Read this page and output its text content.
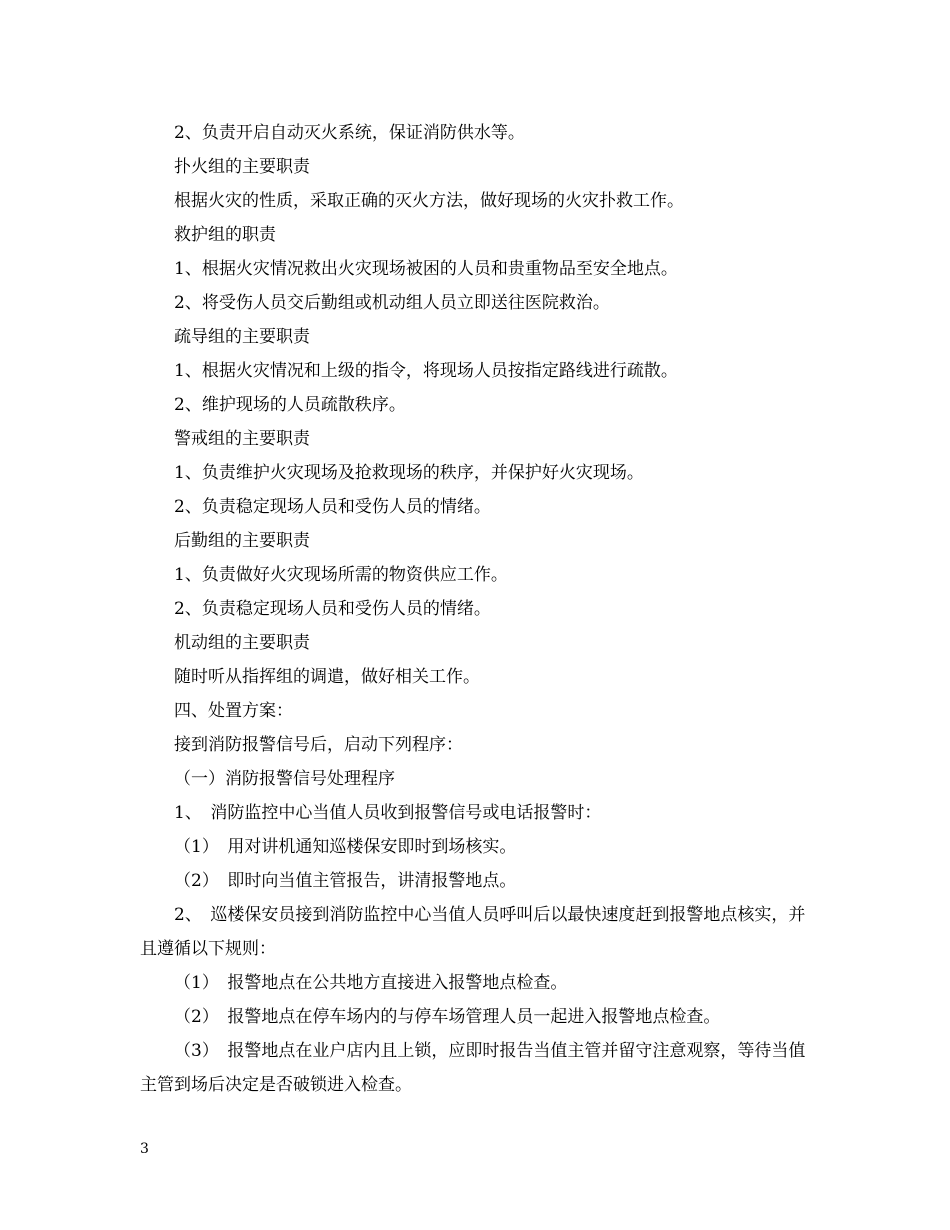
2、负责开启自动灭火系统，保证消防供水等。

扑火组的主要职责

根据火灾的性质，采取正确的灭火方法，做好现场的火灾扑救工作。

救护组的职责

1、根据火灾情况救出火灾现场被困的人员和贵重物品至安全地点。

2、将受伤人员交后勤组或机动组人员立即送往医院救治。

疏导组的主要职责

1、根据火灾情况和上级的指令，将现场人员按指定路线进行疏散。

2、维护现场的人员疏散秩序。

警戒组的主要职责

1、负责维护火灾现场及抢救现场的秩序，并保护好火灾现场。

2、负责稳定现场人员和受伤人员的情绪。

后勤组的主要职责

1、负责做好火灾现场所需的物资供应工作。

2、负责稳定现场人员和受伤人员的情绪。

机动组的主要职责

随时听从指挥组的调遣，做好相关工作。

四、处置方案：

接到消防报警信号后，启动下列程序：

（一）消防报警信号处理程序

1、　消防监控中心当值人员收到报警信号或电话报警时：

（1）　用对讲机通知巡楼保安即时到场核实。

（2）　即时向当值主管报告，讲清报警地点。

2、　巡楼保安员接到消防监控中心当值人员呼叫后以最快速度赶到报警地点核实，并且遵循以下规则：

（1）　报警地点在公共地方直接进入报警地点检查。

（2）　报警地点在停车场内的与停车场管理人员一起进入报警地点检查。

（3）　报警地点在业户店内且上锁，应即时报告当值主管并留守注意观察，等待当值主管到场后决定是否破锁进入检查。

3
